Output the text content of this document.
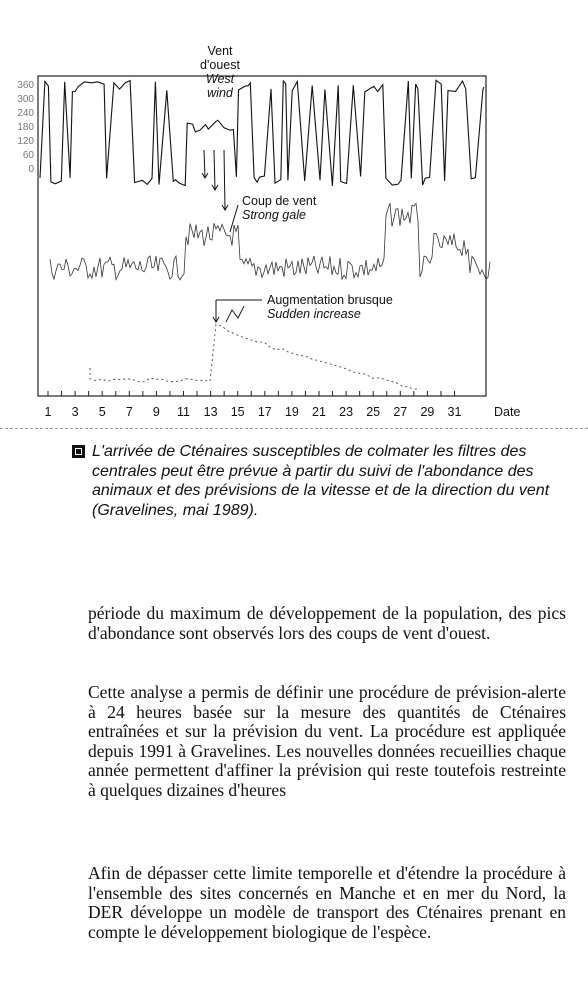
1 3 5 7 9 11 13 15 17 19 21 23 25 27 29 31
360
300
240
180
120
60
0
Date
Vent
d'ouest
West
wind
Coup de vent
Strong gale
Augmentation brusque
Sudden increase
L'arrivée de Cténaires susceptibles de colmater les filtres des centrales peut être prévue à partir du suivi de l'abondance des animaux et des prévisions de la vitesse et de la direction du vent (Gravelines, mai 1989).

période du maximum de développement de la population, des pics d'abondance sont observés lors des coups de vent d'ouest.

Cette analyse a permis de définir une procédure de prévision-alerte à 24 heures basée sur la mesure des quantités de Cténaires entraînées et sur la prévision du vent. La procédure est appliquée depuis 1991 à Gravelines. Les nouvelles données recueillies chaque année permettent d'affiner la prévision qui reste toutefois restreinte à quelques dizaines d'heures

Afin de dépasser cette limite temporelle et d'étendre la procédure à l'ensemble des sites concernés en Manche et en mer du Nord, la DER développe un modèle de transport des Cténaires prenant en compte le développement biologique de l'espèce.
